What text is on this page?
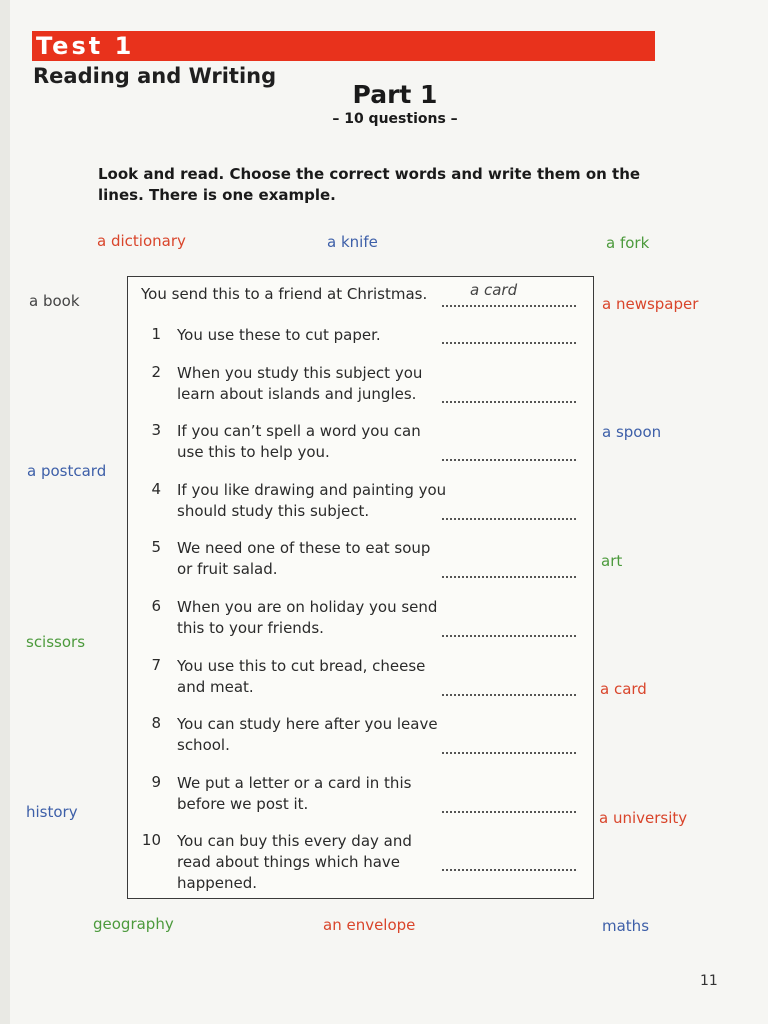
Test 1
Reading and Writing
Part 1
– 10 questions –
Look and read. Choose the correct words and write them on the lines. There is one example.
a dictionary	a knife	a fork
a book	a newspaper
a spoon
a postcard
art
scissors
a card
history	a university
geography	an envelope	maths
You send this to a friend at Christmas.	a card
1 You use these to cut paper.
2 When you study this subject you learn about islands and jungles.
3 If you can’t spell a word you can use this to help you.
4 If you like drawing and painting you should study this subject.
5 We need one of these to eat soup or fruit salad.
6 When you are on holiday you send this to your friends.
7 You use this to cut bread, cheese and meat.
8 You can study here after you leave school.
9 We put a letter or a card in this before we post it.
10 You can buy this every day and read about things which have happened.
11
